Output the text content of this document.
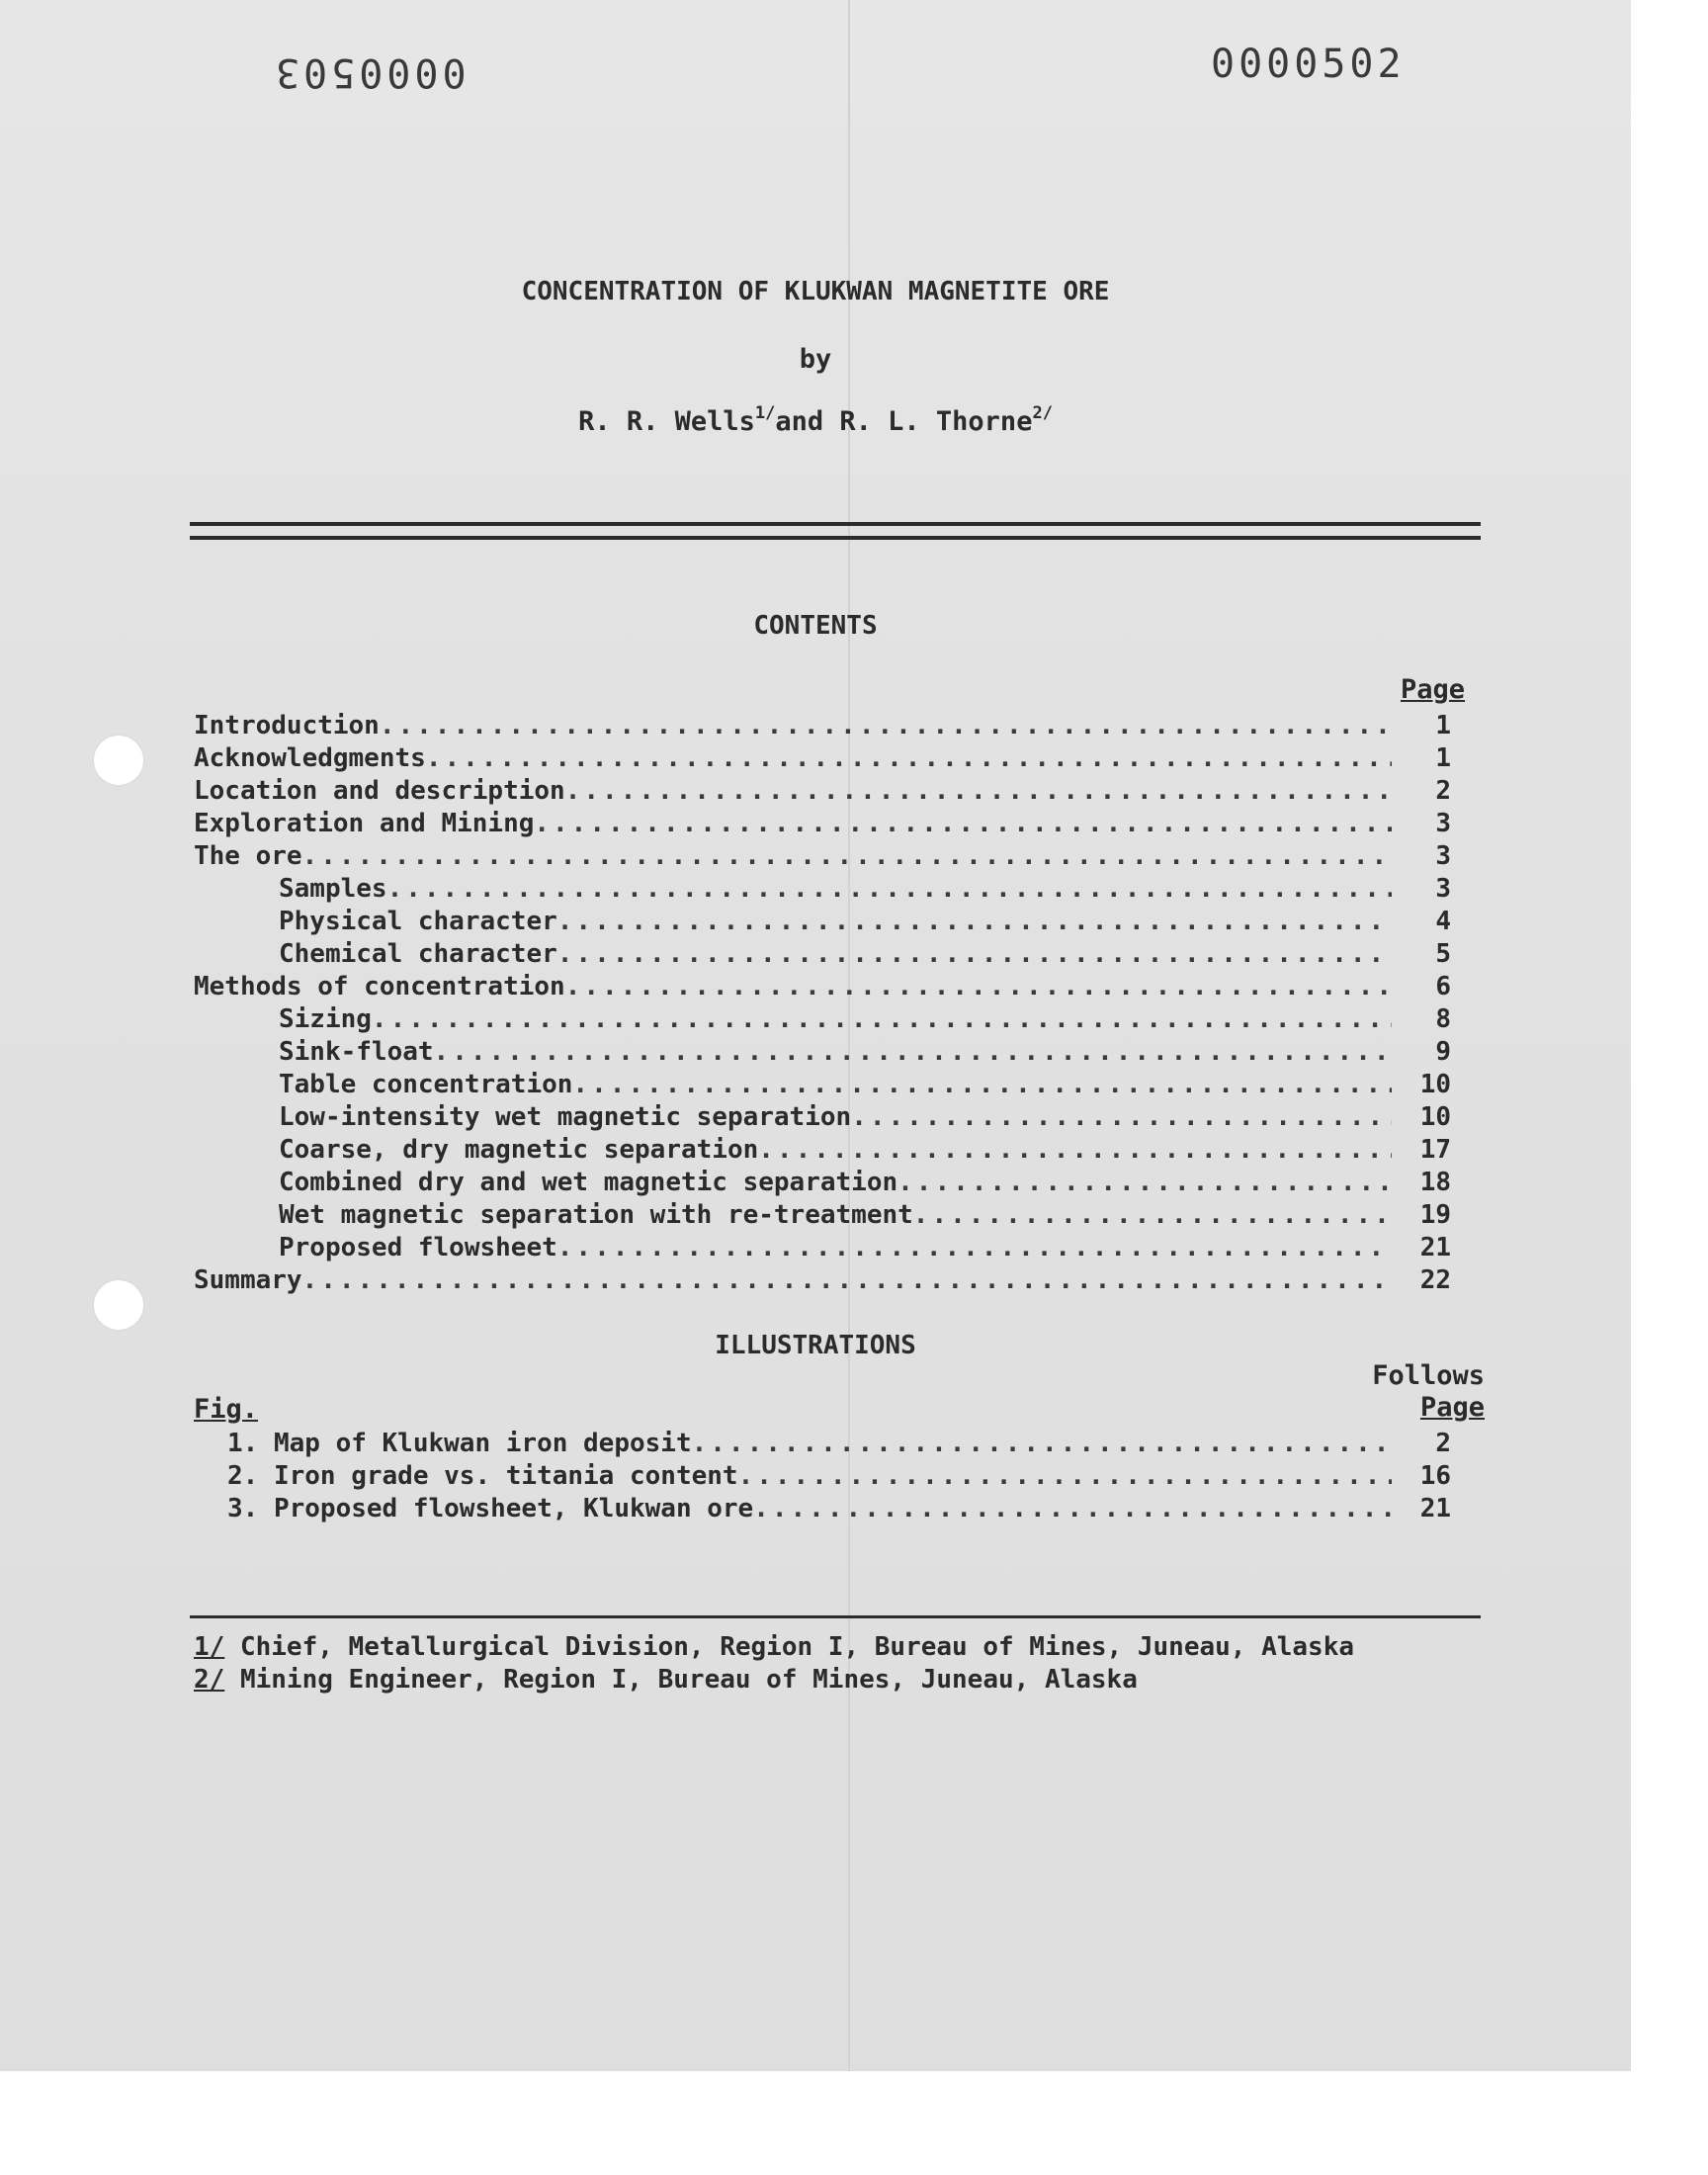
0000503	0000502
CONCENTRATION OF KLUKWAN MAGNETITE ORE
by
R. R. Wells$^{1/}$and R. L. Thorne$^{2/}$
CONTENTS
Page
Introduction .....	1
Acknowledgments .....	1
Location and description .....	2
Exploration and Mining .....	3
The ore .....	3
Samples .....	3
Physical character .....	4
Chemical character .....	5
Methods of concentration .....	6
Sizing .....	8
Sink-float .....	9
Table concentration .....	10
Low-intensity wet magnetic separation .....	10
Coarse, dry magnetic separation .....	17
Combined dry and wet magnetic separation .....	18
Wet magnetic separation with re-treatment .....	19
Proposed flowsheet .....	21
Summary .....	22
ILLUSTRATIONS
Follows
Page
Fig.
1. Map of Klukwan iron deposit .....	2
2. Iron grade vs. titania content .....	16
3. Proposed flowsheet, Klukwan ore .....	21
1/ Chief, Metallurgical Division, Region I, Bureau of Mines, Juneau, Alaska
2/ Mining Engineer, Region I, Bureau of Mines, Juneau, Alaska
